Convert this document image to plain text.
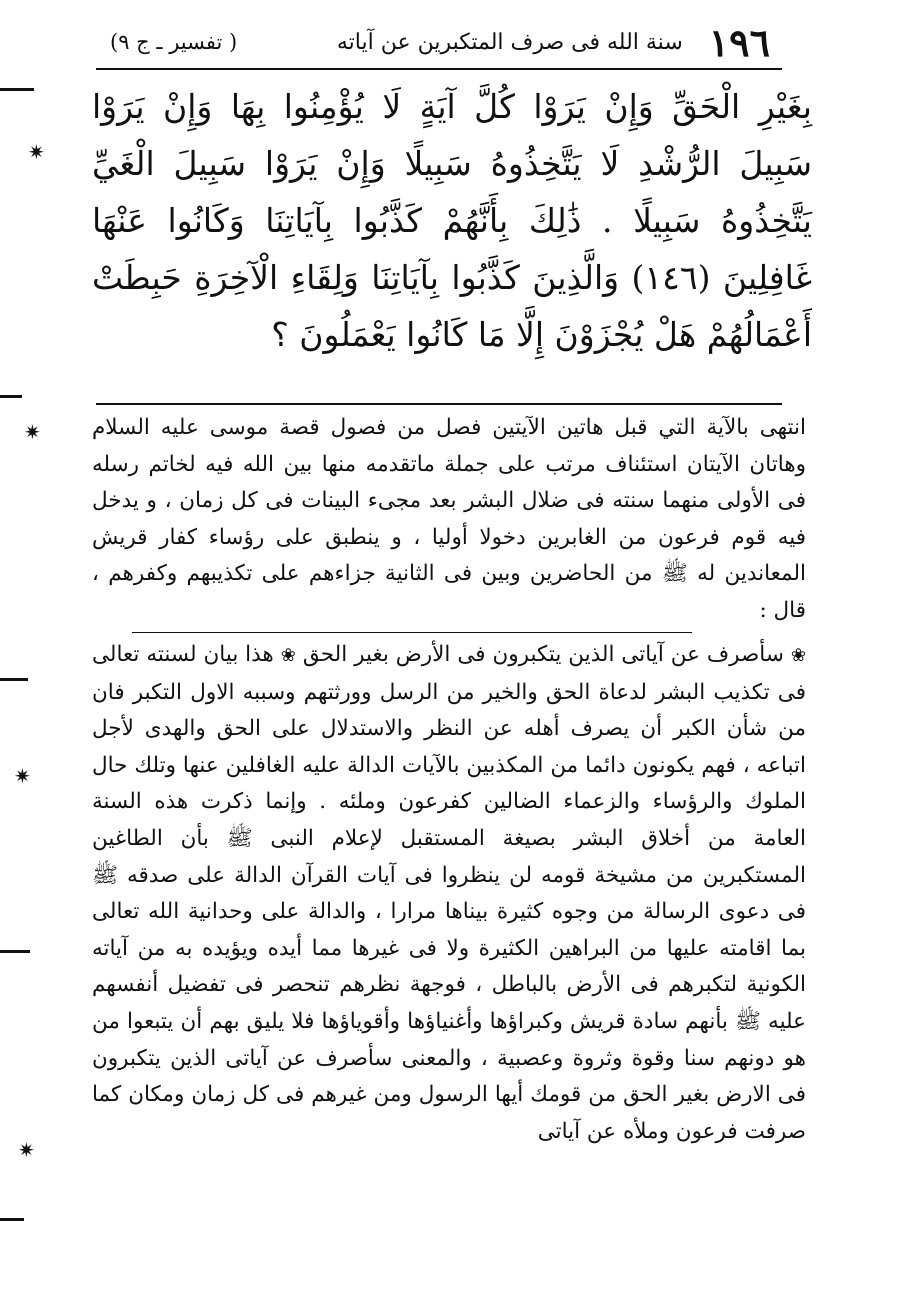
١٩٦
سنة الله فى صرف المتكبرين عن آياته
( تفسير ـ ج ٩)
بِغَيْرِ الْحَقِّ وَإِنْ يَرَوْا كُلَّ آيَةٍ لَا يُؤْمِنُوا بِهَا وَإِنْ يَرَوْا سَبِيلَ الرُّشْدِ لَا يَتَّخِذُوهُ سَبِيلًا وَإِنْ يَرَوْا سَبِيلَ الْغَيِّ يَتَّخِذُوهُ سَبِيلًا . ذَٰلِكَ بِأَنَّهُمْ كَذَّبُوا بِآيَاتِنَا وَكَانُوا عَنْهَا غَافِلِينَ (١٤٦) وَالَّذِينَ كَذَّبُوا بِآيَاتِنَا وَلِقَاءِ الْآخِرَةِ حَبِطَتْ أَعْمَالُهُمْ هَلْ يُجْزَوْنَ إِلَّا مَا كَانُوا يَعْمَلُونَ ؟

انتهى بالآية التي قبل هاتين الآيتين فصل من فصول قصة موسى عليه السلام وهاتان الآيتان استئناف مرتب على جملة ماتقدمه منها بين الله فيه لخاتم رسله فى الأولى منهما سنته فى ضلال البشر بعد مجىء البينات فى كل زمان ، و يدخل فيه قوم فرعون من الغابرين دخولا أوليا ، و ينطبق على رؤساء كفار قريش المعاندين له ﷺ من الحاضرين وبين فى الثانية جزاءهم على تكذيبهم وكفرهم ، قال :

❀ سأصرف عن آياتى الذين يتكبرون فى الأرض بغير الحق ❀ هذا بيان لسنته تعالى فى تكذيب البشر لدعاة الحق والخير من الرسل وورثتهم وسببه الاول التكبر فان من شأن الكبر أن يصرف أهله عن النظر والاستدلال على الحق والهدى لأجل اتباعه ، فهم يكونون دائما من المكذبين بالآيات الدالة عليه الغافلين عنها وتلك حال الملوك والرؤساء والزعماء الضالين كفرعون وملئه . وإنما ذكرت هذه السنة العامة من أخلاق البشر بصيغة المستقبل لإعلام النبى ﷺ بأن الطاغين المستكبرين من مشيخة قومه لن ينظروا فى آيات القرآن الدالة على صدقه ﷺ فى دعوى الرسالة من وجوه كثيرة بيناها مرارا ، والدالة على وحدانية الله تعالى بما اقامته عليها من البراهين الكثيرة ولا فى غيرها مما أيده ويؤيده به من آياته الكونية لتكبرهم فى الأرض بالباطل ، فوجهة نظرهم تنحصر فى تفضيل أنفسهم عليه ﷺ بأنهم سادة قريش وكبراؤها وأغنياؤها وأقوياؤها فلا يليق بهم أن يتبعوا من هو دونهم سنا وقوة وثروة وعصبية ، والمعنى سأصرف عن آياتى الذين يتكبرون فى الارض بغير الحق من قومك أيها الرسول ومن غيرهم فى كل زمان ومكان كما صرفت فرعون وملأه عن آياتى

✷
✷
✷
✷
